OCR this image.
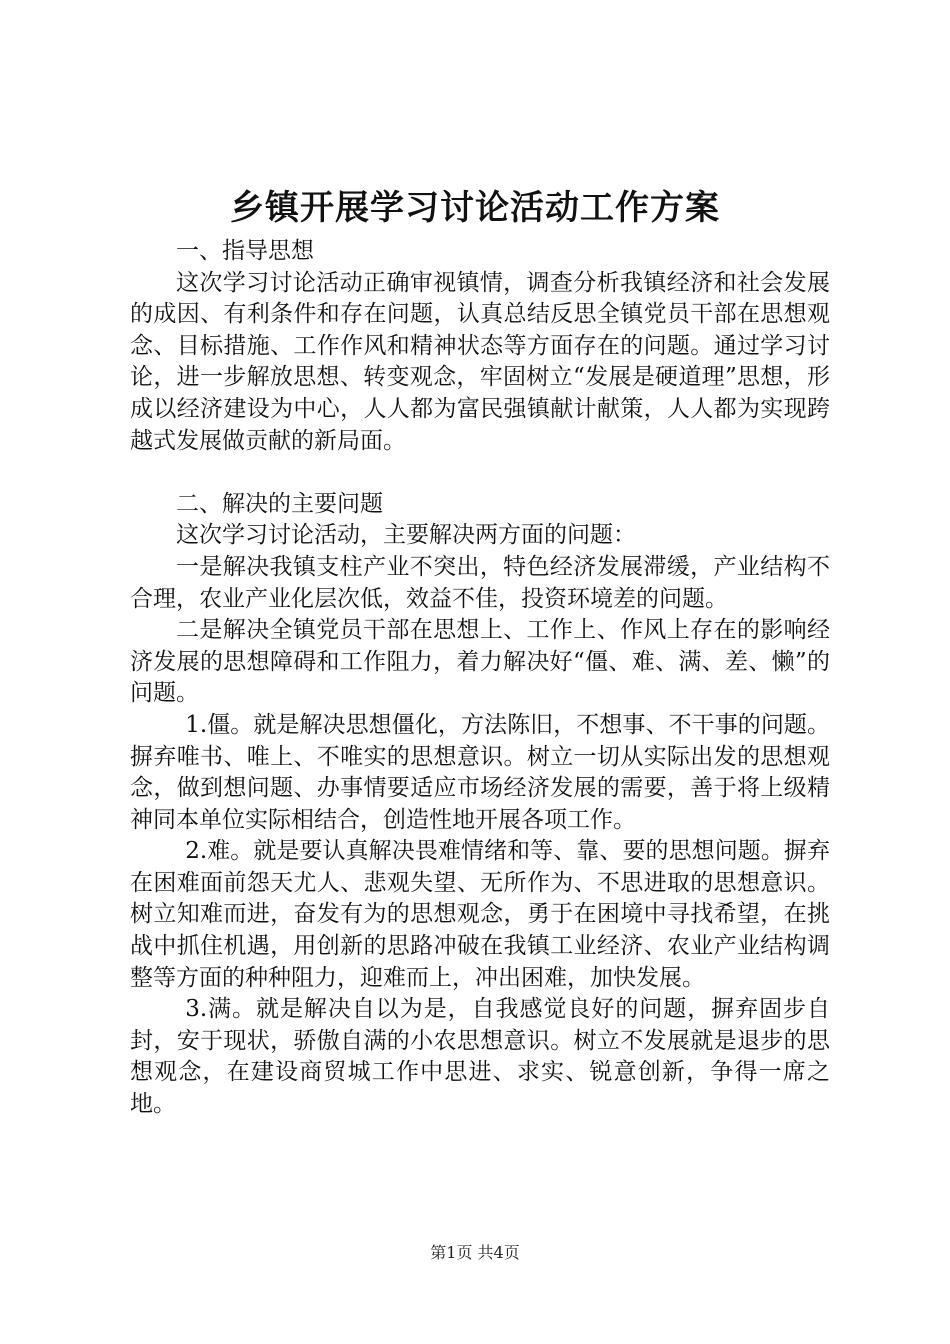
乡镇开展学习讨论活动工作方案

一、指导思想

这次学习讨论活动正确审视镇情，调查分析我镇经济和社会发展的成因、有利条件和存在问题，认真总结反思全镇党员干部在思想观念、目标措施、工作作风和精神状态等方面存在的问题。通过学习讨论，进一步解放思想、转变观念，牢固树立“发展是硬道理”思想，形成以经济建设为中心，人人都为富民强镇献计献策，人人都为实现跨越式发展做贡献的新局面。

二、解决的主要问题

这次学习讨论活动，主要解决两方面的问题：

一是解决我镇支柱产业不突出，特色经济发展滞缓，产业结构不合理，农业产业化层次低，效益不佳，投资环境差的问题。

二是解决全镇党员干部在思想上、工作上、作风上存在的影响经济发展的思想障碍和工作阻力，着力解决好“僵、难、满、差、懒”的问题。

1.僵。就是解决思想僵化，方法陈旧，不想事、不干事的问题。摒弃唯书、唯上、不唯实的思想意识。树立一切从实际出发的思想观念，做到想问题、办事情要适应市场经济发展的需要，善于将上级精神同本单位实际相结合，创造性地开展各项工作。

2.难。就是要认真解决畏难情绪和等、靠、要的思想问题。摒弃在困难面前怨天尤人、悲观失望、无所作为、不思进取的思想意识。树立知难而进，奋发有为的思想观念，勇于在困境中寻找希望，在挑战中抓住机遇，用创新的思路冲破在我镇工业经济、农业产业结构调整等方面的种种阻力，迎难而上，冲出困难，加快发展。

3.满。就是解决自以为是，自我感觉良好的问题，摒弃固步自封，安于现状，骄傲自满的小农思想意识。树立不发展就是退步的思想观念，在建设商贸城工作中思进、求实、锐意创新，争得一席之地。

第1页 共4页
